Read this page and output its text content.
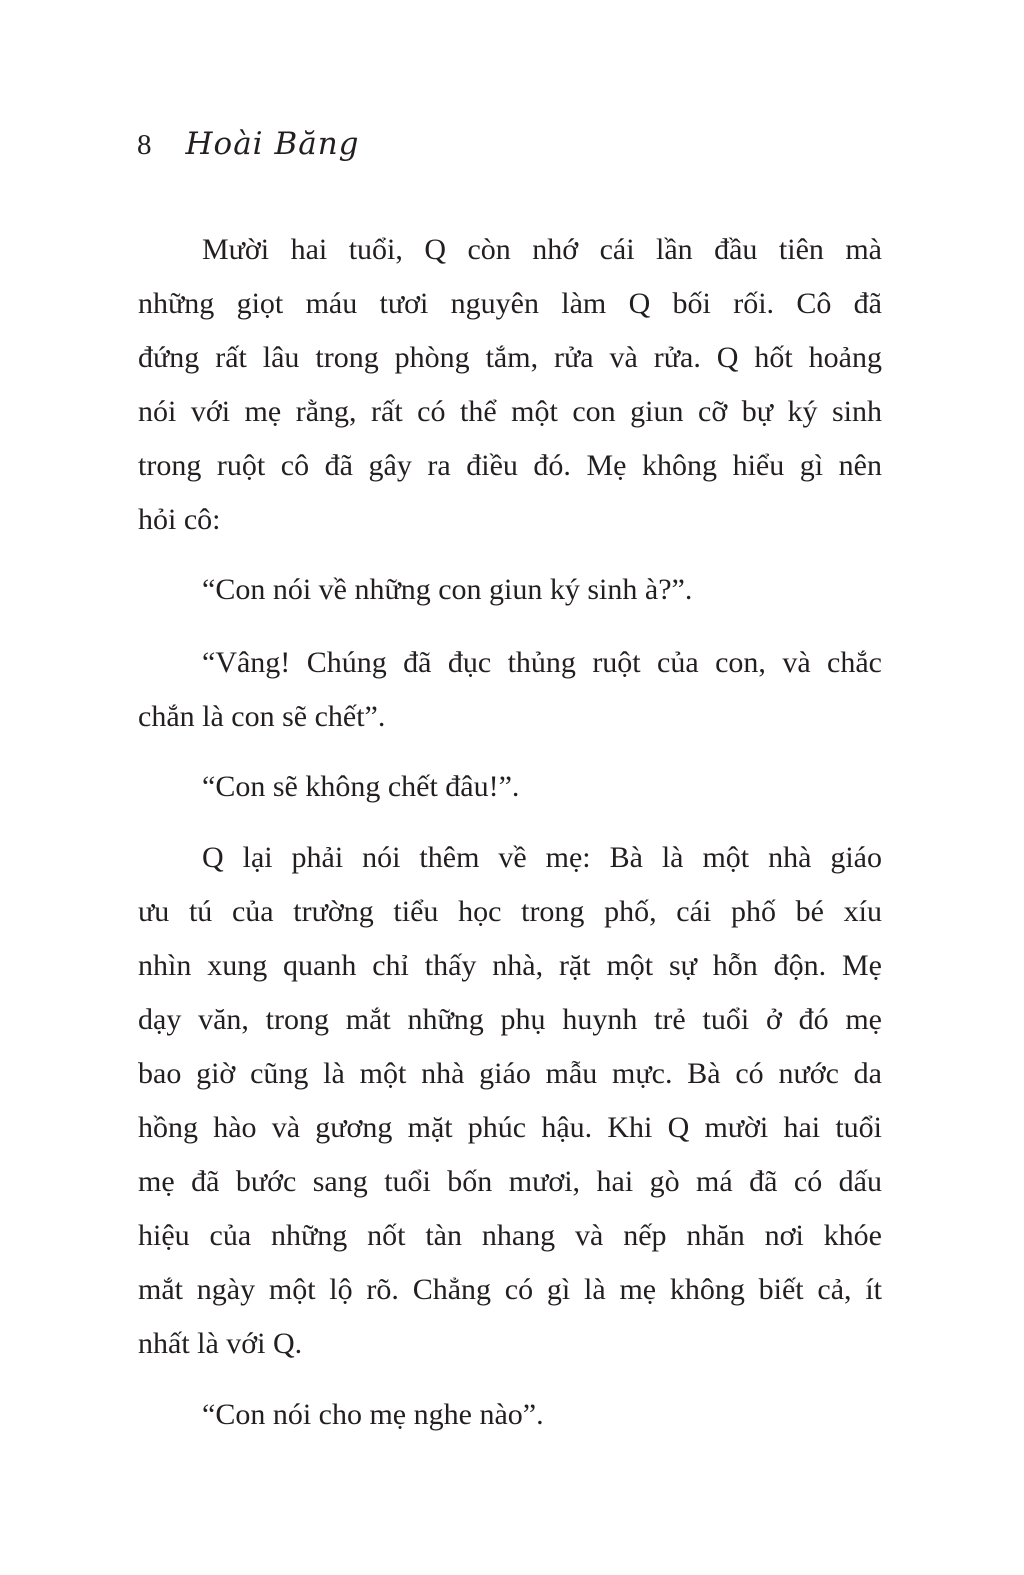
8 Hoài Băng
Mười hai tuổi, Q còn nhớ cái lần đầu tiên mà
những giọt máu tươi nguyên làm Q bối rối. Cô đã
đứng rất lâu trong phòng tắm, rửa và rửa. Q hốt hoảng
nói với mẹ rằng, rất có thể một con giun cỡ bự ký sinh
trong ruột cô đã gây ra điều đó. Mẹ không hiểu gì nên
hỏi cô:
“Con nói về những con giun ký sinh à?”.
“Vâng! Chúng đã đục thủng ruột của con, và chắc
chắn là con sẽ chết”.
“Con sẽ không chết đâu!”.
Q lại phải nói thêm về mẹ: Bà là một nhà giáo
ưu tú của trường tiểu học trong phố, cái phố bé xíu
nhìn xung quanh chỉ thấy nhà, rặt một sự hỗn độn. Mẹ
dạy văn, trong mắt những phụ huynh trẻ tuổi ở đó mẹ
bao giờ cũng là một nhà giáo mẫu mực. Bà có nước da
hồng hào và gương mặt phúc hậu. Khi Q mười hai tuổi
mẹ đã bước sang tuổi bốn mươi, hai gò má đã có dấu
hiệu của những nốt tàn nhang và nếp nhăn nơi khóe
mắt ngày một lộ rõ. Chẳng có gì là mẹ không biết cả, ít
nhất là với Q.
“Con nói cho mẹ nghe nào”.
